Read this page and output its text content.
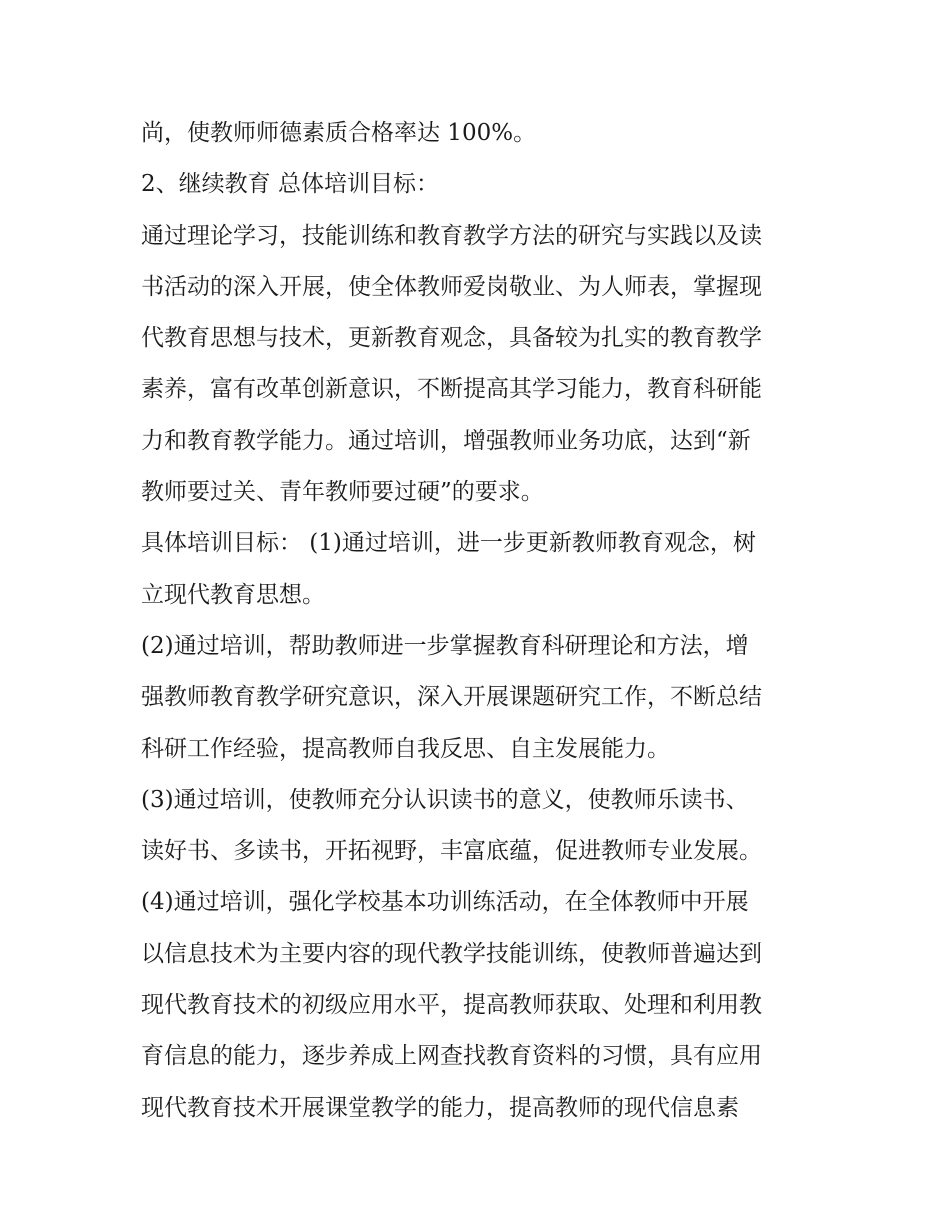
尚，使教师师德素质合格率达 100%。
2、继续教育 总体培训目标：
通过理论学习，技能训练和教育教学方法的研究与实践以及读
书活动的深入开展，使全体教师爱岗敬业、为人师表，掌握现
代教育思想与技术，更新教育观念，具备较为扎实的教育教学
素养，富有改革创新意识，不断提高其学习能力，教育科研能
力和教育教学能力。通过培训，增强教师业务功底，达到“新
教师要过关、青年教师要过硬”的要求。
具体培训目标： (1)通过培训，进一步更新教师教育观念，树
立现代教育思想。
(2)通过培训，帮助教师进一步掌握教育科研理论和方法，增
强教师教育教学研究意识，深入开展课题研究工作，不断总结
科研工作经验，提高教师自我反思、自主发展能力。
(3)通过培训，使教师充分认识读书的意义，使教师乐读书、
读好书、多读书，开拓视野，丰富底蕴，促进教师专业发展。
(4)通过培训，强化学校基本功训练活动，在全体教师中开展
以信息技术为主要内容的现代教学技能训练，使教师普遍达到
现代教育技术的初级应用水平，提高教师获取、处理和利用教
育信息的能力，逐步养成上网查找教育资料的习惯，具有应用
现代教育技术开展课堂教学的能力，提高教师的现代信息素
